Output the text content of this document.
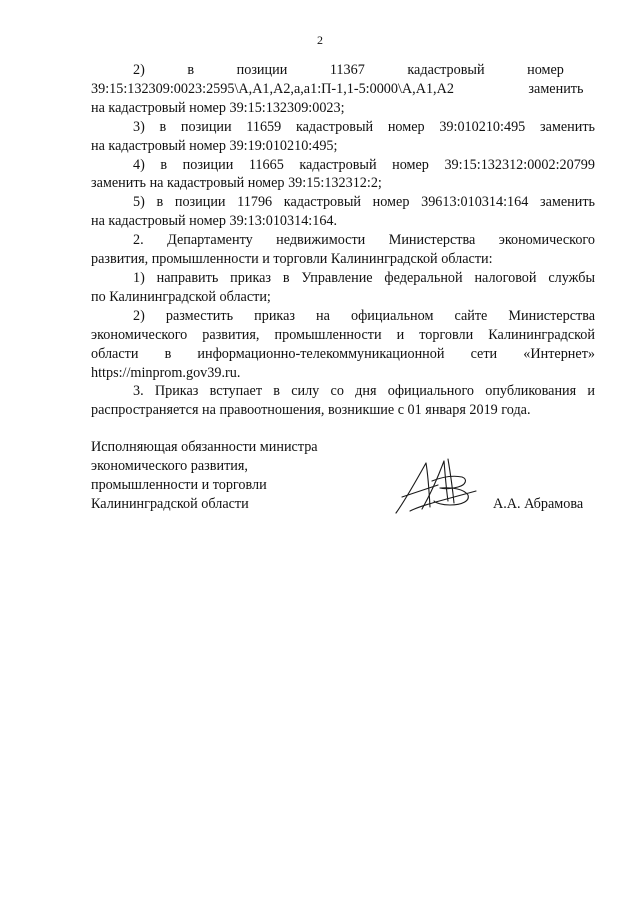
2
2)            в            позиции            11367            кадастровый            номер
39:15:132309:0023:2595\А,А1,А2,а,а1:П-1,1-5:0000\А,А1,А2                     заменить
на кадастровый номер 39:15:132309:0023;
3) в позиции 11659 кадастровый номер 39:010210:495 заменить
на кадастровый номер 39:19:010210:495;
4) в позиции 11665 кадастровый номер 39:15:132312:0002:20799
заменить на кадастровый номер 39:15:132312:2;
5) в позиции 11796 кадастровый номер 39613:010314:164 заменить
на кадастровый номер 39:13:010314:164.
2. Департаменту недвижимости Министерства экономического
развития, промышленности и торговли Калининградской области:
1) направить приказ в Управление федеральной налоговой службы
по Калининградской области;
2) разместить приказ на официальном сайте Министерства
экономического развития, промышленности и торговли Калининградской
области в информационно-телекоммуникационной сети «Интернет»
https://minprom.gov39.ru.
3. Приказ вступает в силу со дня официального опубликования и
распространяется на правоотношения, возникшие с 01 января 2019 года.
Исполняющая обязанности министра
экономического развития,
промышленности и торговли
Калининградской области	А.А. Абрамова
